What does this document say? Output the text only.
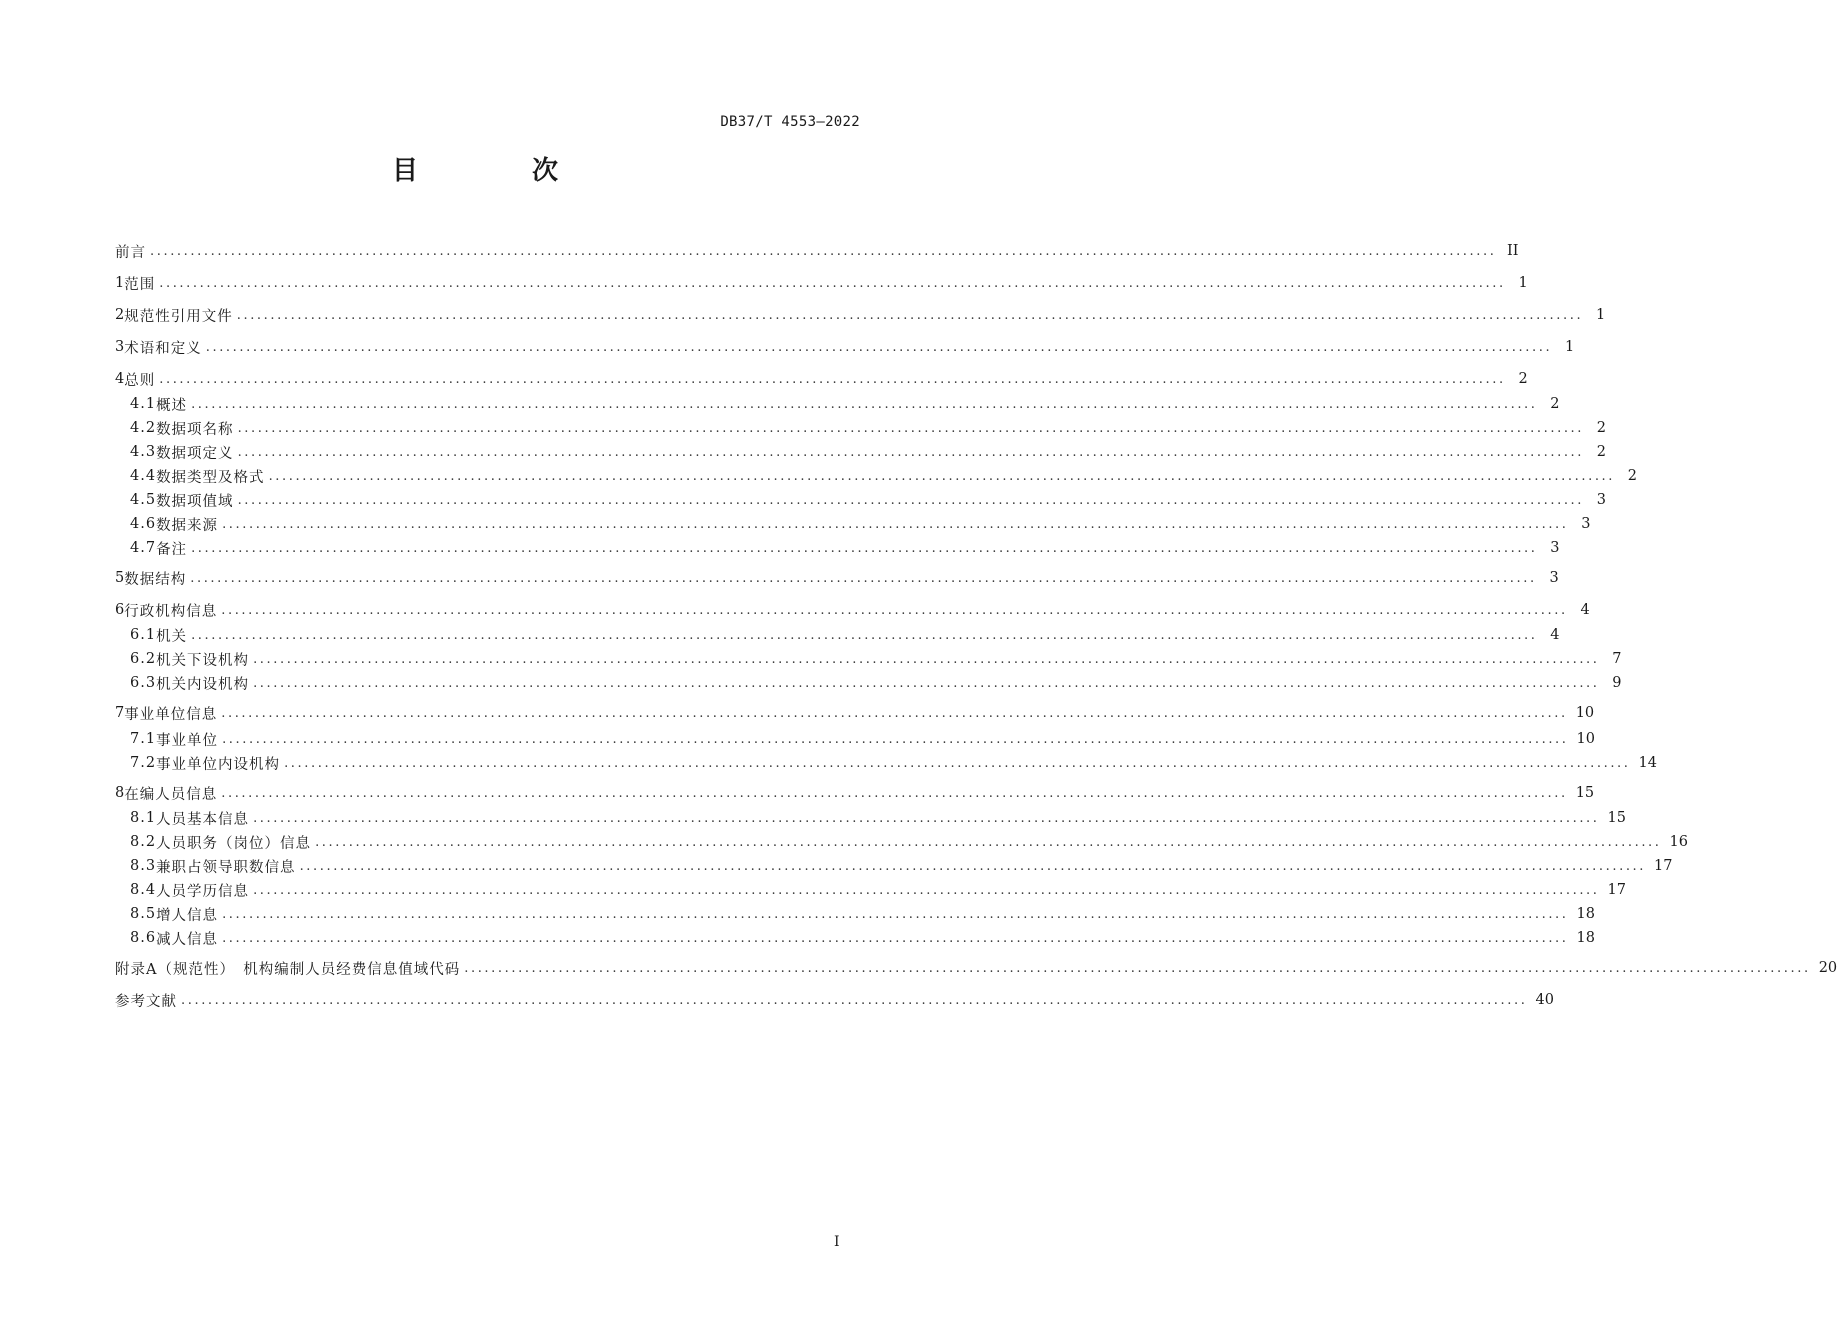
DB37/T 4553—2022
目　次
前言 ........................................................................................................................................................................................................ II
1 范围 ........................................................................................................................................................................................................ 1
2 规范性引用文件 ........................................................................................................................................................................................................ 1
3 术语和定义 ........................................................................................................................................................................................................ 1
4 总则 ........................................................................................................................................................................................................ 2
4.1 概述 ........................................................................................................................................................................................................ 2
4.2 数据项名称 ........................................................................................................................................................................................................ 2
4.3 数据项定义 ........................................................................................................................................................................................................ 2
4.4 数据类型及格式 ........................................................................................................................................................................................................ 2
4.5 数据项值域 ........................................................................................................................................................................................................ 3
4.6 数据来源 ........................................................................................................................................................................................................ 3
4.7 备注 ........................................................................................................................................................................................................ 3
5 数据结构 ........................................................................................................................................................................................................ 3
6 行政机构信息 ........................................................................................................................................................................................................ 4
6.1 机关 ........................................................................................................................................................................................................ 4
6.2 机关下设机构 ........................................................................................................................................................................................................ 7
6.3 机关内设机构 ........................................................................................................................................................................................................ 9
7 事业单位信息 ........................................................................................................................................................................................................ 10
7.1 事业单位 ........................................................................................................................................................................................................ 10
7.2 事业单位内设机构 ........................................................................................................................................................................................................ 14
8 在编人员信息 ........................................................................................................................................................................................................ 15
8.1 人员基本信息 ........................................................................................................................................................................................................ 15
8.2 人员职务（岗位）信息 ........................................................................................................................................................................................................ 16
8.3 兼职占领导职数信息 ........................................................................................................................................................................................................ 17
8.4 人员学历信息 ........................................................................................................................................................................................................ 17
8.5 增人信息 ........................................................................................................................................................................................................ 18
8.6 减人信息 ........................................................................................................................................................................................................ 18
附录A（规范性）　机构编制人员经费信息值域代码 ........................................................................................................................................................................................................ 20
参考文献 ........................................................................................................................................................................................................ 40
I
